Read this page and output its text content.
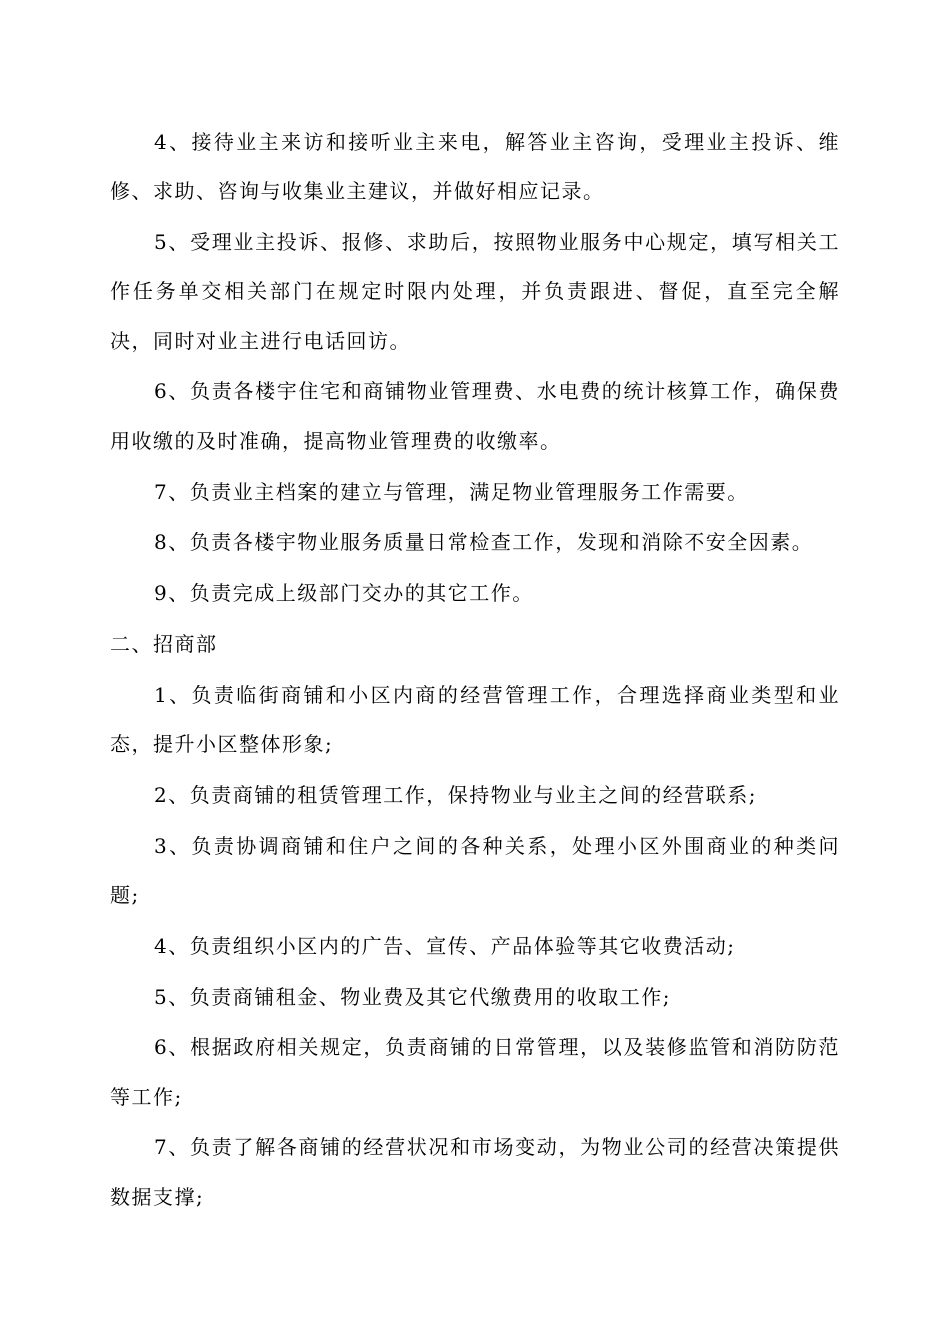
4、接待业主来访和接听业主来电，解答业主咨询，受理业主投诉、维修、求助、咨询与收集业主建议，并做好相应记录。

5、受理业主投诉、报修、求助后，按照物业服务中心规定，填写相关工作任务单交相关部门在规定时限内处理，并负责跟进、督促，直至完全解决，同时对业主进行电话回访。

6、负责各楼宇住宅和商铺物业管理费、水电费的统计核算工作，确保费用收缴的及时准确，提高物业管理费的收缴率。

7、负责业主档案的建立与管理，满足物业管理服务工作需要。

8、负责各楼宇物业服务质量日常检查工作，发现和消除不安全因素。

9、负责完成上级部门交办的其它工作。

二、招商部

1、负责临街商铺和小区内商的经营管理工作，合理选择商业类型和业态，提升小区整体形象;

2、负责商铺的租赁管理工作，保持物业与业主之间的经营联系;

3、负责协调商铺和住户之间的各种关系，处理小区外围商业的种类问题;

4、负责组织小区内的广告、宣传、产品体验等其它收费活动;

5、负责商铺租金、物业费及其它代缴费用的收取工作;

6、根据政府相关规定，负责商铺的日常管理，以及装修监管和消防防范等工作;

7、负责了解各商铺的经营状况和市场变动，为物业公司的经营决策提供数据支撑;
